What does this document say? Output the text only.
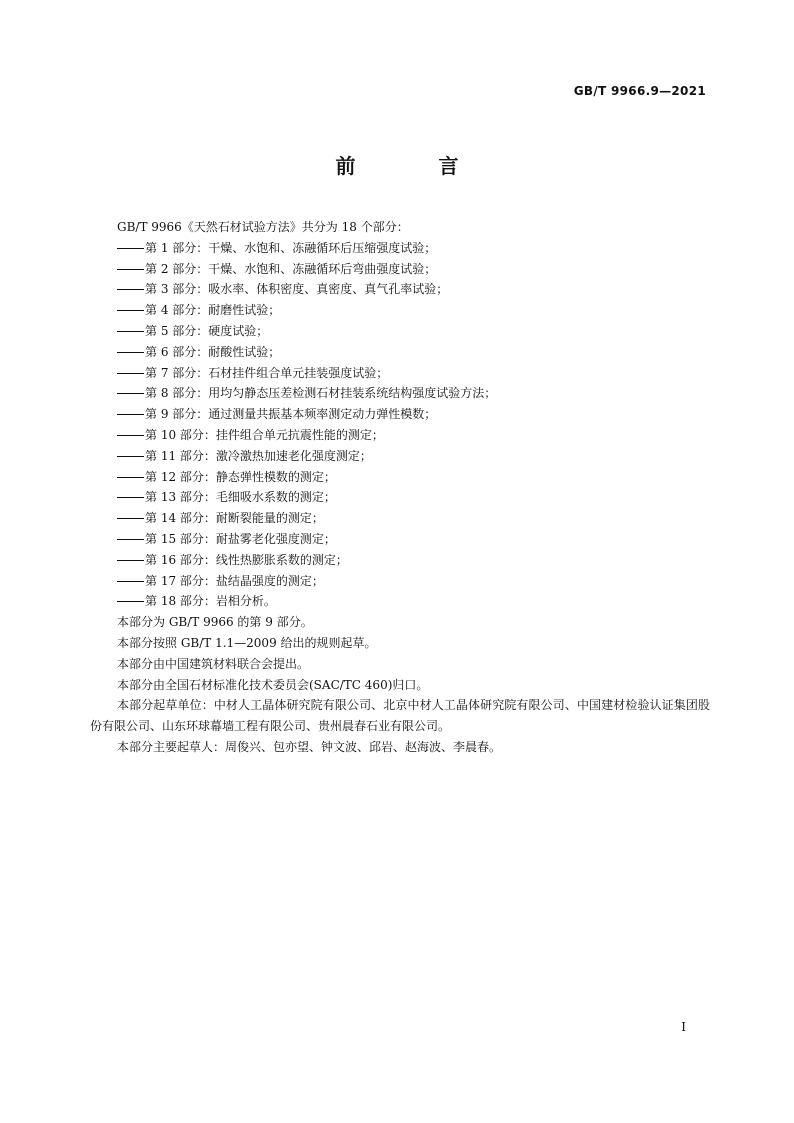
GB/T 9966.9—2021
前 言
GB/T 9966《天然石材试验方法》共分为 18 个部分：
第 1 部分：干燥、水饱和、冻融循环后压缩强度试验；
第 2 部分：干燥、水饱和、冻融循环后弯曲强度试验；
第 3 部分：吸水率、体积密度、真密度、真气孔率试验；
第 4 部分：耐磨性试验；
第 5 部分：硬度试验；
第 6 部分：耐酸性试验；
第 7 部分：石材挂件组合单元挂装强度试验；
第 8 部分：用均匀静态压差检测石材挂装系统结构强度试验方法；
第 9 部分：通过测量共振基本频率测定动力弹性模数；
第 10 部分：挂件组合单元抗震性能的测定；
第 11 部分：激冷激热加速老化强度测定；
第 12 部分：静态弹性模数的测定；
第 13 部分：毛细吸水系数的测定；
第 14 部分：耐断裂能量的测定；
第 15 部分：耐盐雾老化强度测定；
第 16 部分：线性热膨胀系数的测定；
第 17 部分：盐结晶强度的测定；
第 18 部分：岩相分析。
本部分为 GB/T 9966 的第 9 部分。
本部分按照 GB/T 1.1—2009 给出的规则起草。
本部分由中国建筑材料联合会提出。
本部分由全国石材标准化技术委员会(SAC/TC 460)归口。
本部分起草单位：中材人工晶体研究院有限公司、北京中材人工晶体研究院有限公司、中国建材检验认证集团股份有限公司、山东环球幕墙工程有限公司、贵州晨春石业有限公司。
本部分主要起草人：周俊兴、包亦望、钟文波、邱岩、赵海波、李晨春。
I
